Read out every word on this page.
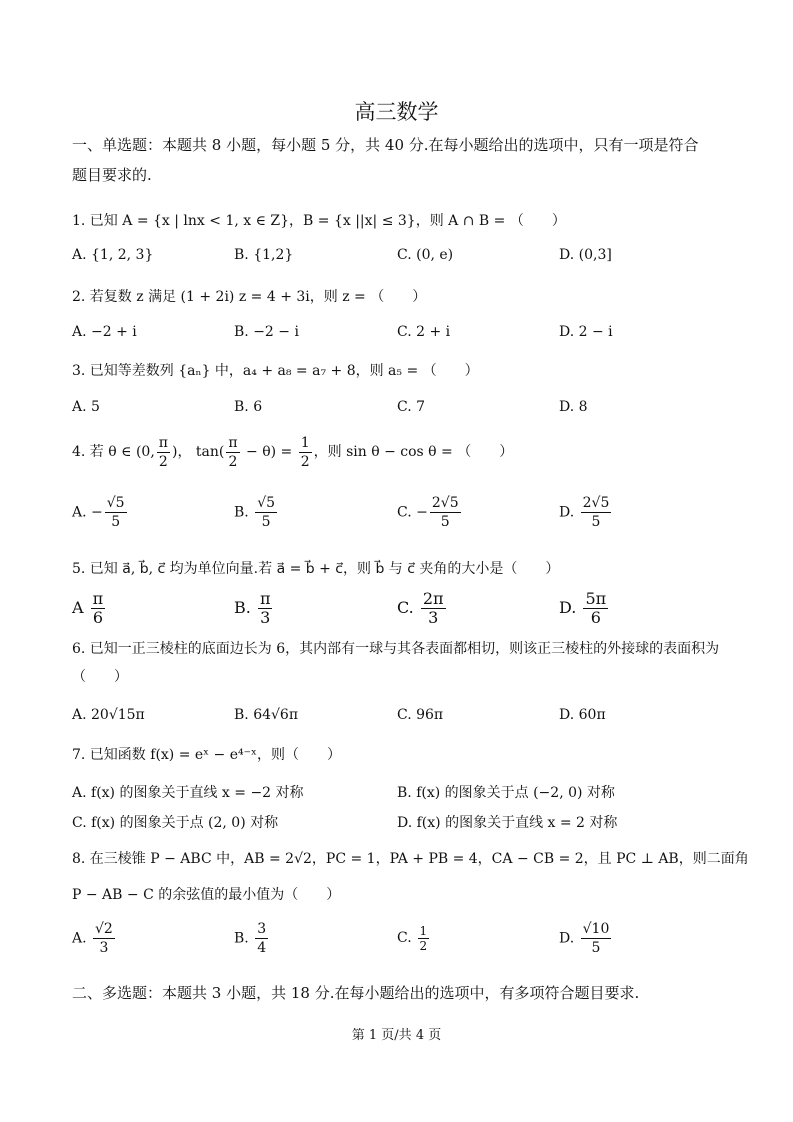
高三数学
一、单选题：本题共 8 小题，每小题 5 分，共 40 分.在每小题给出的选项中，只有一项是符合
题目要求的.
1. 已知 A = {x | lnx < 1, x ∈ Z}，B = {x ||x| ≤ 3}，则 A ∩ B = （　　）
A. {1, 2, 3}	B. {1,2}	C. (0, e)	D. (0,3]
2. 若复数 z 满足 (1 + 2i) z = 4 + 3i，则 z = （　　）
A. −2 + i	B. −2 − i	C. 2 + i	D. 2 − i
3. 已知等差数列 {aₙ} 中，a₄ + a₈ = a₇ + 8，则 a₅ = （　　）
A. 5	B. 6	C. 7	D. 8
4. 若 θ ∈ (0, $\frac{\pi}{2}$ )， $\tan( \frac{\pi}{2} - \theta) = \frac{1}{2}$ ，则 sin θ − cos θ = （　　）
A. − $\frac{√5}{5}$	B. $\frac{√5}{5}$	C. − $\frac{2√5}{5}$	D. $\frac{2√5}{5}$
5. 已知 a⃗, b⃗, c⃗ 均为单位向量.若 a⃗ = b⃗ + c⃗，则 b⃗ 与 c⃗ 夹角的大小是（　　）
A $\frac{\pi}{6}$	B. $\frac{\pi}{3}$	C. $\frac{2\pi}{3}$	D. $\frac{5\pi}{6}$
6. 已知一正三棱柱的底面边长为 6，其内部有一球与其各表面都相切，则该正三棱柱的外接球的表面积为
（　　）
A. 20√15π	B. 64√6π	C. 96π	D. 60π
7. 已知函数 f(x) = eˣ − e⁴⁻ˣ，则（　　）
A. f(x) 的图象关于直线 x = −2 对称	B. f(x) 的图象关于点 (−2, 0) 对称
C. f(x) 的图象关于点 (2, 0) 对称	D. f(x) 的图象关于直线 x = 2 对称
8. 在三棱锥 P − ABC 中，AB = 2√2，PC = 1，PA + PB = 4，CA − CB = 2，且 PC ⊥ AB，则二面角
P − AB − C 的余弦值的最小值为（　　）
A. $\frac{√2}{3}$	B. $\frac{3}{4}$	C. $\frac{1}{2}$	D. $\frac{√10}{5}$
二、多选题：本题共 3 小题，共 18 分.在每小题给出的选项中，有多项符合题目要求.
第 1 页/共 4 页
